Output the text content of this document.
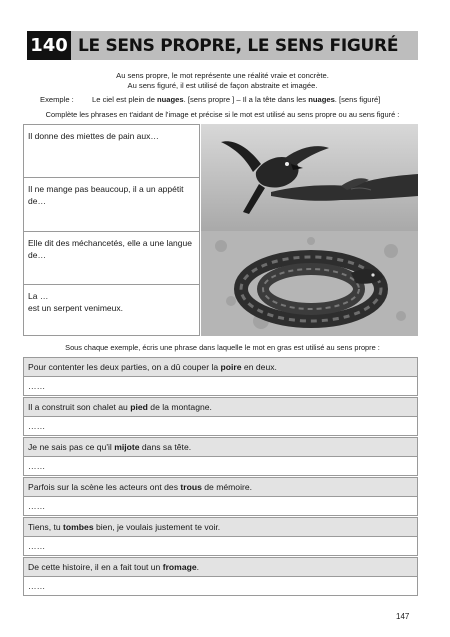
140 LE SENS PROPRE, LE SENS FIGURÉ
Au sens propre, le mot représente une réalité vraie et concrète.
Au sens figuré, il est utilisé de façon abstraite et imagée.
Exemple : Le ciel est plein de nuages. [sens propre ] – Il a la tête dans les nuages. [sens figuré]
Complète les phrases en t'aidant de l'image et précise si le mot est utilisé au sens propre ou au sens figuré :
Il donne des miettes de pain aux…
Il ne mange pas beaucoup, il a un appétit de…
Elle dit des méchancetés, elle a une langue de…
La …
est un serpent venimeux.
Sous chaque exemple, écris une phrase dans laquelle le mot en gras est utilisé au sens propre :
Pour contenter les deux parties, on a dû couper la poire en deux.
……
Il a construit son chalet au pied de la montagne.
……
Je ne sais pas ce qu'il mijote dans sa tête.
……
Parfois sur la scène les acteurs ont des trous de mémoire.
……
Tiens, tu tombes bien, je voulais justement te voir.
……
De cette histoire, il en a fait tout un fromage.
……
147
